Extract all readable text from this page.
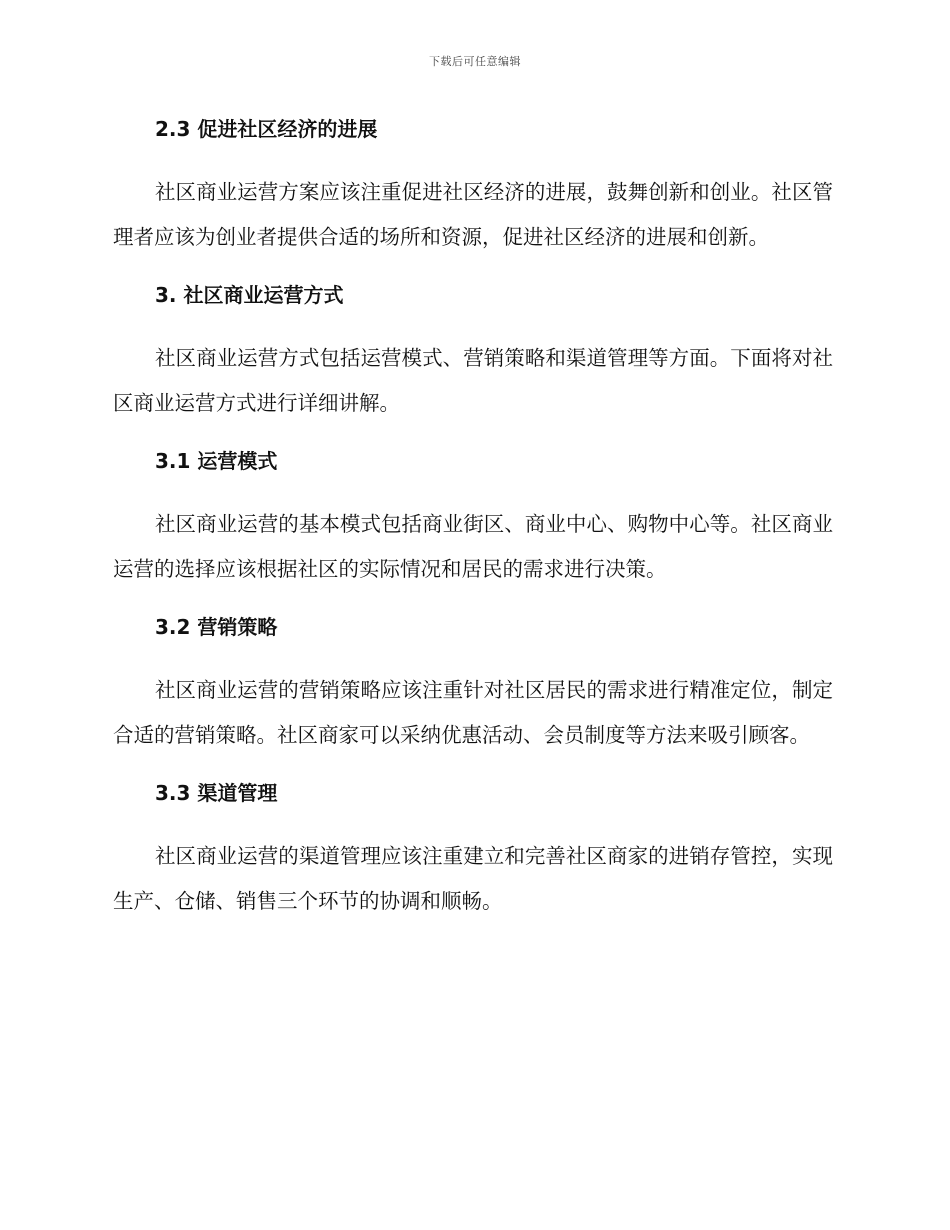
下载后可任意编辑
2.3 促进社区经济的进展

社区商业运营方案应该注重促进社区经济的进展，鼓舞创新和创业。社区管理者应该为创业者提供合适的场所和资源，促进社区经济的进展和创新。

3. 社区商业运营方式

社区商业运营方式包括运营模式、营销策略和渠道管理等方面。下面将对社区商业运营方式进行详细讲解。

3.1 运营模式

社区商业运营的基本模式包括商业街区、商业中心、购物中心等。社区商业运营的选择应该根据社区的实际情况和居民的需求进行决策。

3.2 营销策略

社区商业运营的营销策略应该注重针对社区居民的需求进行精准定位，制定合适的营销策略。社区商家可以采纳优惠活动、会员制度等方法来吸引顾客。

3.3 渠道管理

社区商业运营的渠道管理应该注重建立和完善社区商家的进销存管控，实现生产、仓储、销售三个环节的协调和顺畅。
